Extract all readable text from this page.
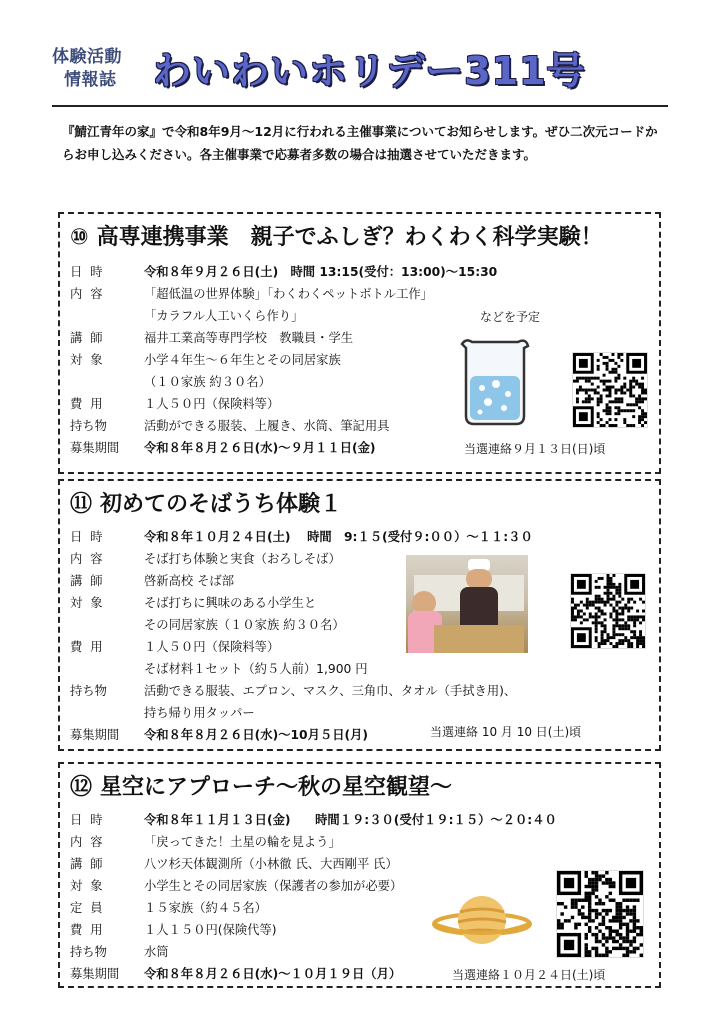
体験活動
情報誌 わいわいホリデー311号
『鯖江青年の家』で令和8年9月～12月に行われる主催事業についてお知らせします。ぜひ二次元コードからお申し込みください。各主催事業で応募者多数の場合は抽選させていただきます。
⑩ 高専連携事業　親子でふしぎ？わくわく科学実験！
日時	令和８年９月２６日(土)　時間 13:15(受付：13:00)～15:30
内容	「超低温の世界体験」「わくわくペットボトル工作」
「カラフル人工いくら作り」
講師	福井工業高等専門学校　教職員・学生
対象	小学４年生～６年生とその同居家族
（１０家族 約３０名）
費用	１人５０円（保険料等）
持ち物	活動ができる服装、上履き、水筒、筆記用具
募集期間	令和８年８月２６日(水)～９月１１日(金)
などを予定
当選連絡９月１３日(日)頃
⑪ 初めてのそばうち体験１
日時	令和８年１０月２４日(土)　 時間　9:１５(受付９:００）～１１:３０
内容	そば打ち体験と実食（おろしそば）
講師	啓新高校 そば部
対象	そば打ちに興味のある小学生と
その同居家族（１０家族 約３０名）
費用	１人５０円（保険料等）
そば材料１セット（約５人前）1,900 円
持ち物	活動できる服装、エプロン、マスク、三角巾、タオル（手拭き用)、
持ち帰り用タッパー
募集期間	令和８年８月２６日(水)～10月５日(月)	当選連絡 10 月 10 日(土)頃
⑫ 星空にアプローチ～秋の星空観望～
日時	令和８年１１月１３日(金)　　時間１９:３０(受付１９:１５）～２０:４０
内容	「戻ってきた！土星の輪を見よう」
講師	八ツ杉天体観測所（小林徹 氏、大西剛平 氏）
対象	小学生とその同居家族（保護者の参加が必要）
定員	１５家族（約４５名）
費用	１人１５０円(保険代等)
持ち物	水筒
募集期間	令和８年８月２６日(水)～１０月１９日（月）	当選連絡１０月２４日(土)頃
